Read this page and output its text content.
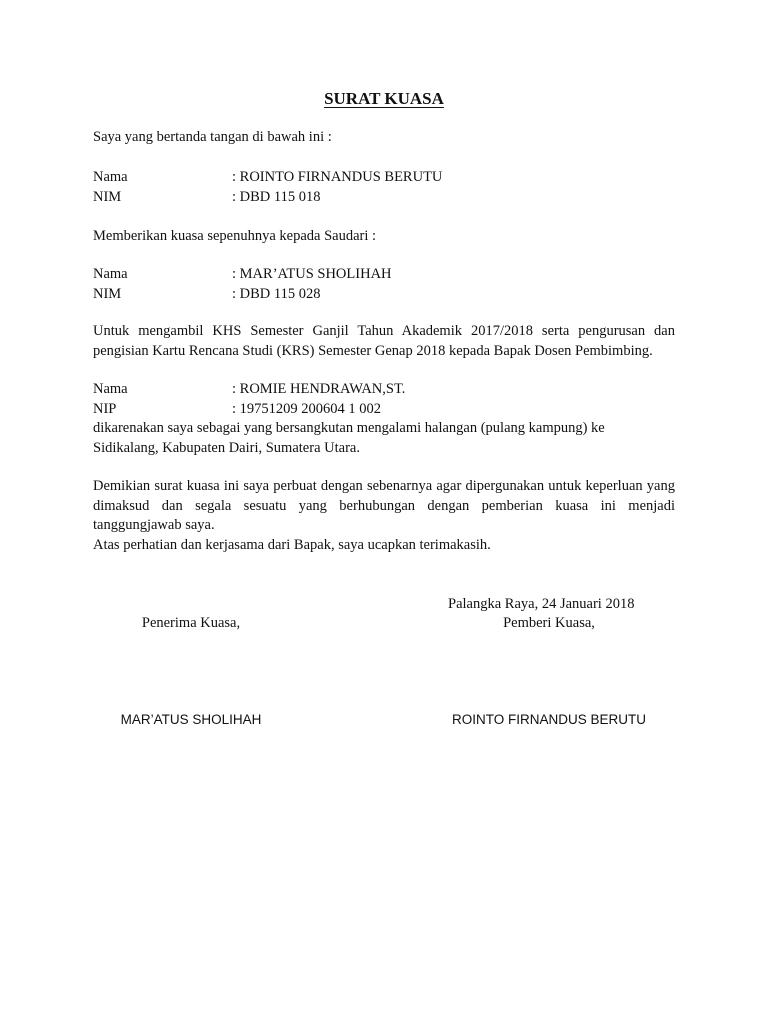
SURAT KUASA
Saya yang bertanda tangan di bawah ini :
Nama	: ROINTO FIRNANDUS BERUTU
NIM	: DBD 115 018
Memberikan kuasa sepenuhnya kepada Saudari :
Nama	: MAR’ATUS SHOLIHAH
NIM	: DBD 115 028
Untuk mengambil KHS Semester Ganjil Tahun Akademik 2017/2018 serta pengurusan dan pengisian Kartu Rencana Studi (KRS) Semester Genap 2018 kepada Bapak Dosen Pembimbing.
Nama	: ROMIE HENDRAWAN,ST.
NIP	: 19751209 200604 1 002
dikarenakan saya sebagai yang bersangkutan mengalami halangan (pulang kampung) ke
Sidikalang, Kabupaten Dairi, Sumatera Utara.
Demikian surat kuasa ini saya perbuat dengan sebenarnya agar dipergunakan untuk keperluan yang dimaksud dan segala sesuatu yang berhubungan dengan pemberian kuasa ini menjadi tanggungjawab saya.
Atas perhatian dan kerjasama dari Bapak, saya ucapkan terimakasih.
Palangka Raya, 24 Januari 2018
Penerima Kuasa,	Pemberi Kuasa,
MAR’ATUS SHOLIHAH	ROINTO FIRNANDUS BERUTU
